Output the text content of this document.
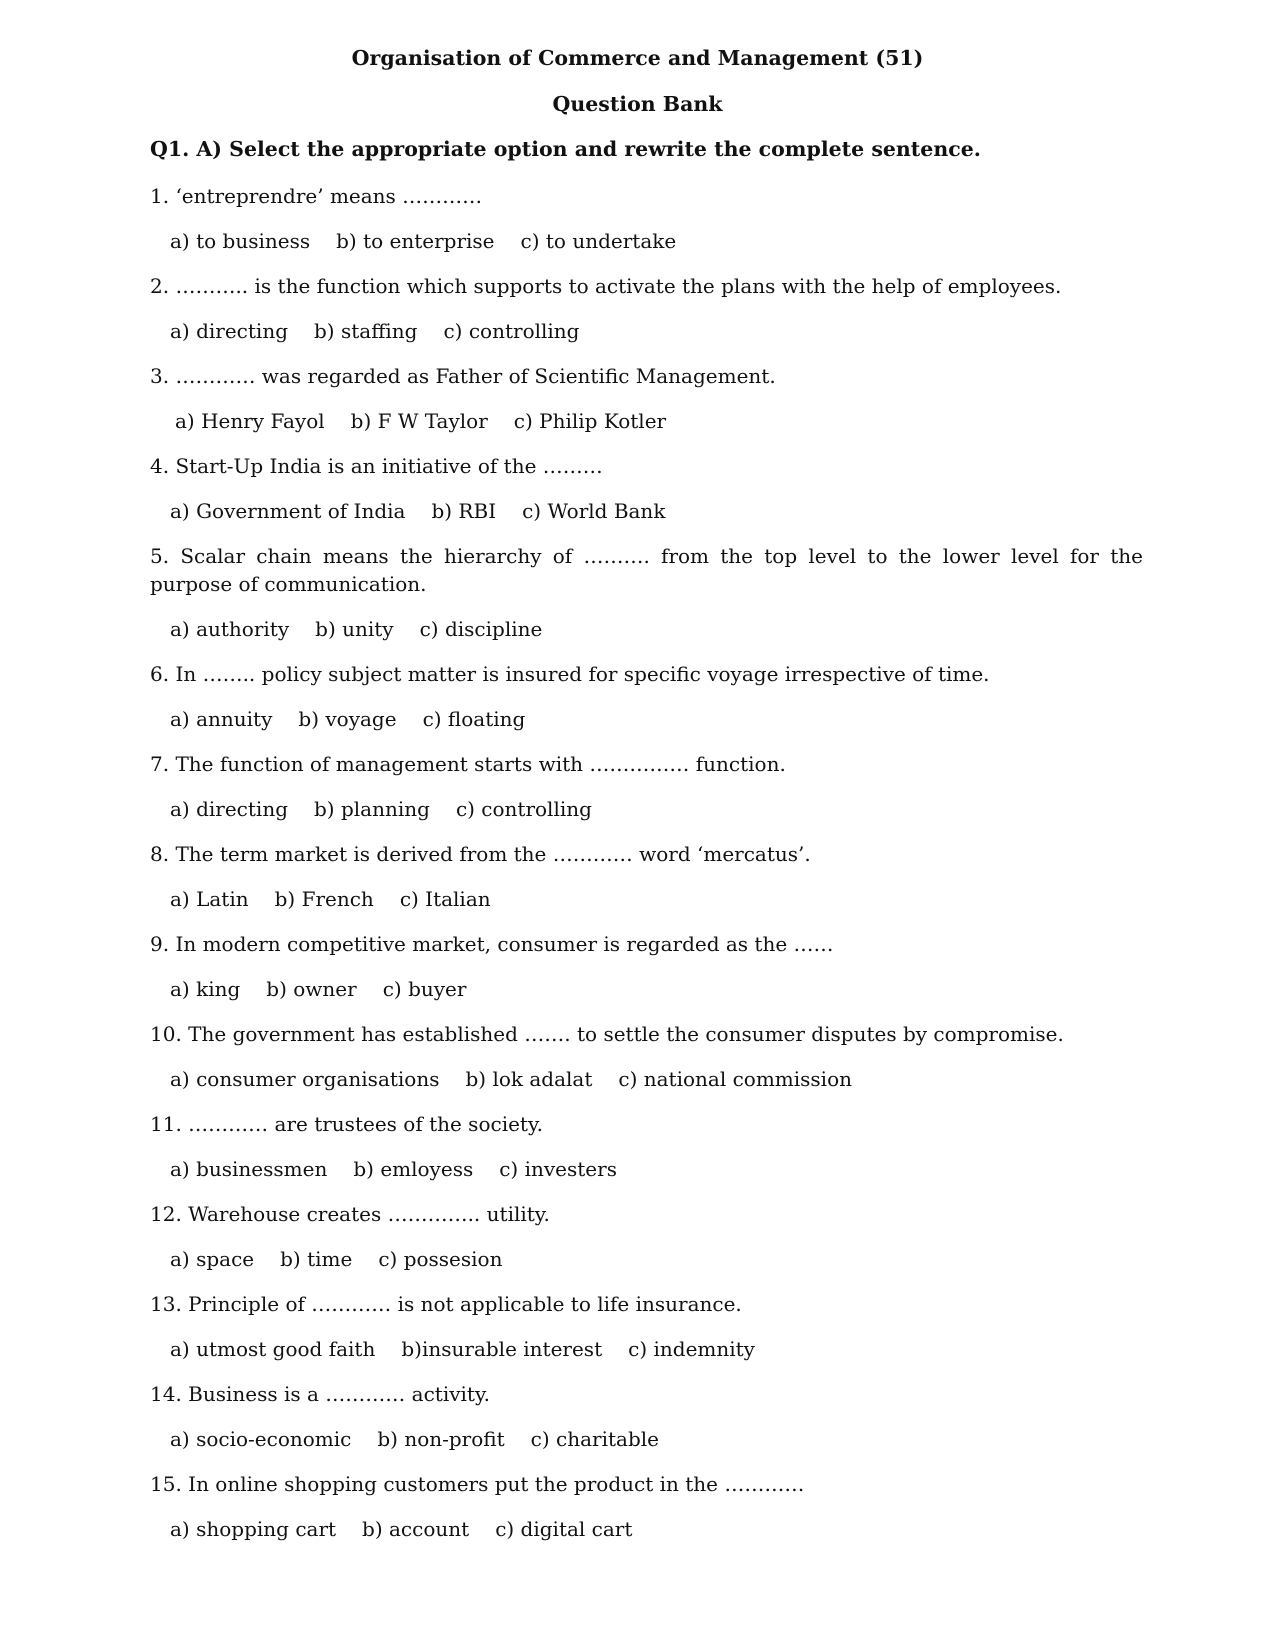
Organisation of Commerce and Management (51)
Question Bank
Q1. A) Select the appropriate option and rewrite the complete sentence.

1. ‘entreprendre’ means …………

a) to business b) to enterprise c) to undertake

2. ……….. is the function which supports to activate the plans with the help of employees.

a) directing b) staffing c) controlling

3. ………… was regarded as Father of Scientific Management.

a) Henry Fayol b) F W Taylor c) Philip Kotler

4. Start-Up India is an initiative of the ………

a) Government of India b) RBI c) World Bank

5. Scalar chain means the hierarchy of ………. from the top level to the lower level for the purpose of communication.

a) authority b) unity c) discipline

6. In …….. policy subject matter is insured for specific voyage irrespective of time.

a) annuity b) voyage c) floating

7. The function of management starts with …………… function.

a) directing b) planning c) controlling

8. The term market is derived from the ………… word ‘mercatus’.

a) Latin b) French c) Italian

9. In modern competitive market, consumer is regarded as the ……

a) king b) owner c) buyer

10. The government has established ……. to settle the consumer disputes by compromise.

a) consumer organisations b) lok adalat c) national commission

11. ………… are trustees of the society.

a) businessmen b) emloyess c) investers

12. Warehouse creates ………….. utility.

a) space b) time c) possesion

13. Principle of ………… is not applicable to life insurance.

a) utmost good faith b)insurable interest c) indemnity

14. Business is a ………… activity.

a) socio-economic b) non-profit c) charitable

15. In online shopping customers put the product in the …………

a) shopping cart b) account c) digital cart
